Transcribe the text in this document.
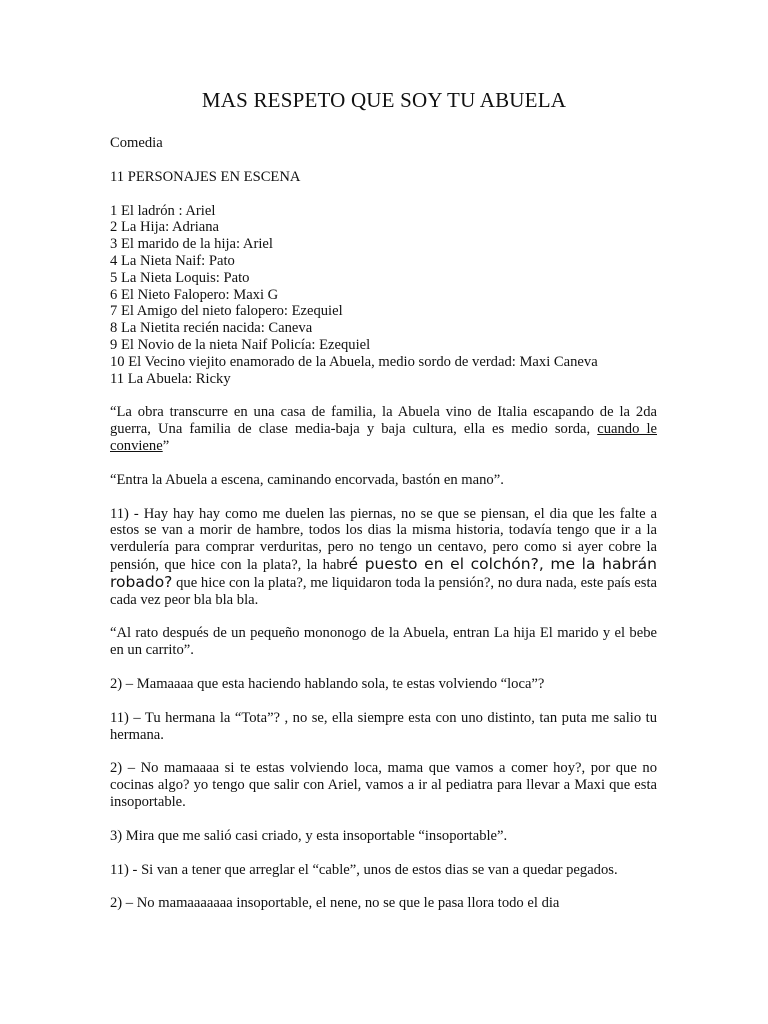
MAS RESPETO QUE SOY TU ABUELA

Comedia

11 PERSONAJES EN ESCENA

1 El ladrón : Ariel
2 La Hija: Adriana
3 El marido de la hija: Ariel
4 La Nieta Naif: Pato
5 La Nieta Loquis: Pato
6 El Nieto Falopero: Maxi G
7 El Amigo del nieto falopero: Ezequiel
8 La Nietita recién nacida: Caneva
9 El Novio de la nieta Naif Policía: Ezequiel
10 El Vecino viejito enamorado de la Abuela, medio sordo de verdad: Maxi Caneva
11 La Abuela: Ricky

“La obra transcurre en una casa de familia, la Abuela vino de Italia escapando de la 2da guerra, Una familia de clase media-baja y baja cultura, ella es medio sorda, cuando le conviene”

“Entra la Abuela a escena, caminando encorvada, bastón en mano”.

11) - Hay hay hay como me duelen las piernas, no se que se piensan, el dia que les falte a estos se van a morir de hambre, todos los dias la misma historia, todavía tengo que ir a la verdulería para comprar verduritas, pero no tengo un centavo, pero como si ayer cobre la pensión, que hice con la plata?, la habré puesto en el colchón?, me la habrán robado? que hice con la plata?, me liquidaron toda la pensión?, no dura nada, este país esta cada vez peor bla bla bla.

“Al rato después de un pequeño mononogo de la Abuela, entran La hija El marido y el bebe en un carrito”.

2) – Mamaaaa que esta haciendo hablando sola, te estas volviendo “loca”?

11) – Tu hermana la “Tota”? , no se, ella siempre esta con uno distinto, tan puta me salio tu hermana.

2) – No mamaaaa si te estas volviendo loca, mama que vamos a comer hoy?, por que no cocinas algo? yo tengo que salir con Ariel, vamos a ir al pediatra para llevar a Maxi que esta insoportable.

3) Mira que me salió casi criado, y esta insoportable “insoportable”.

11) - Si van a tener que arreglar el “cable”, unos de estos dias se van a quedar pegados.

2) – No mamaaaaaaa insoportable, el nene, no se que le pasa llora todo el dia
